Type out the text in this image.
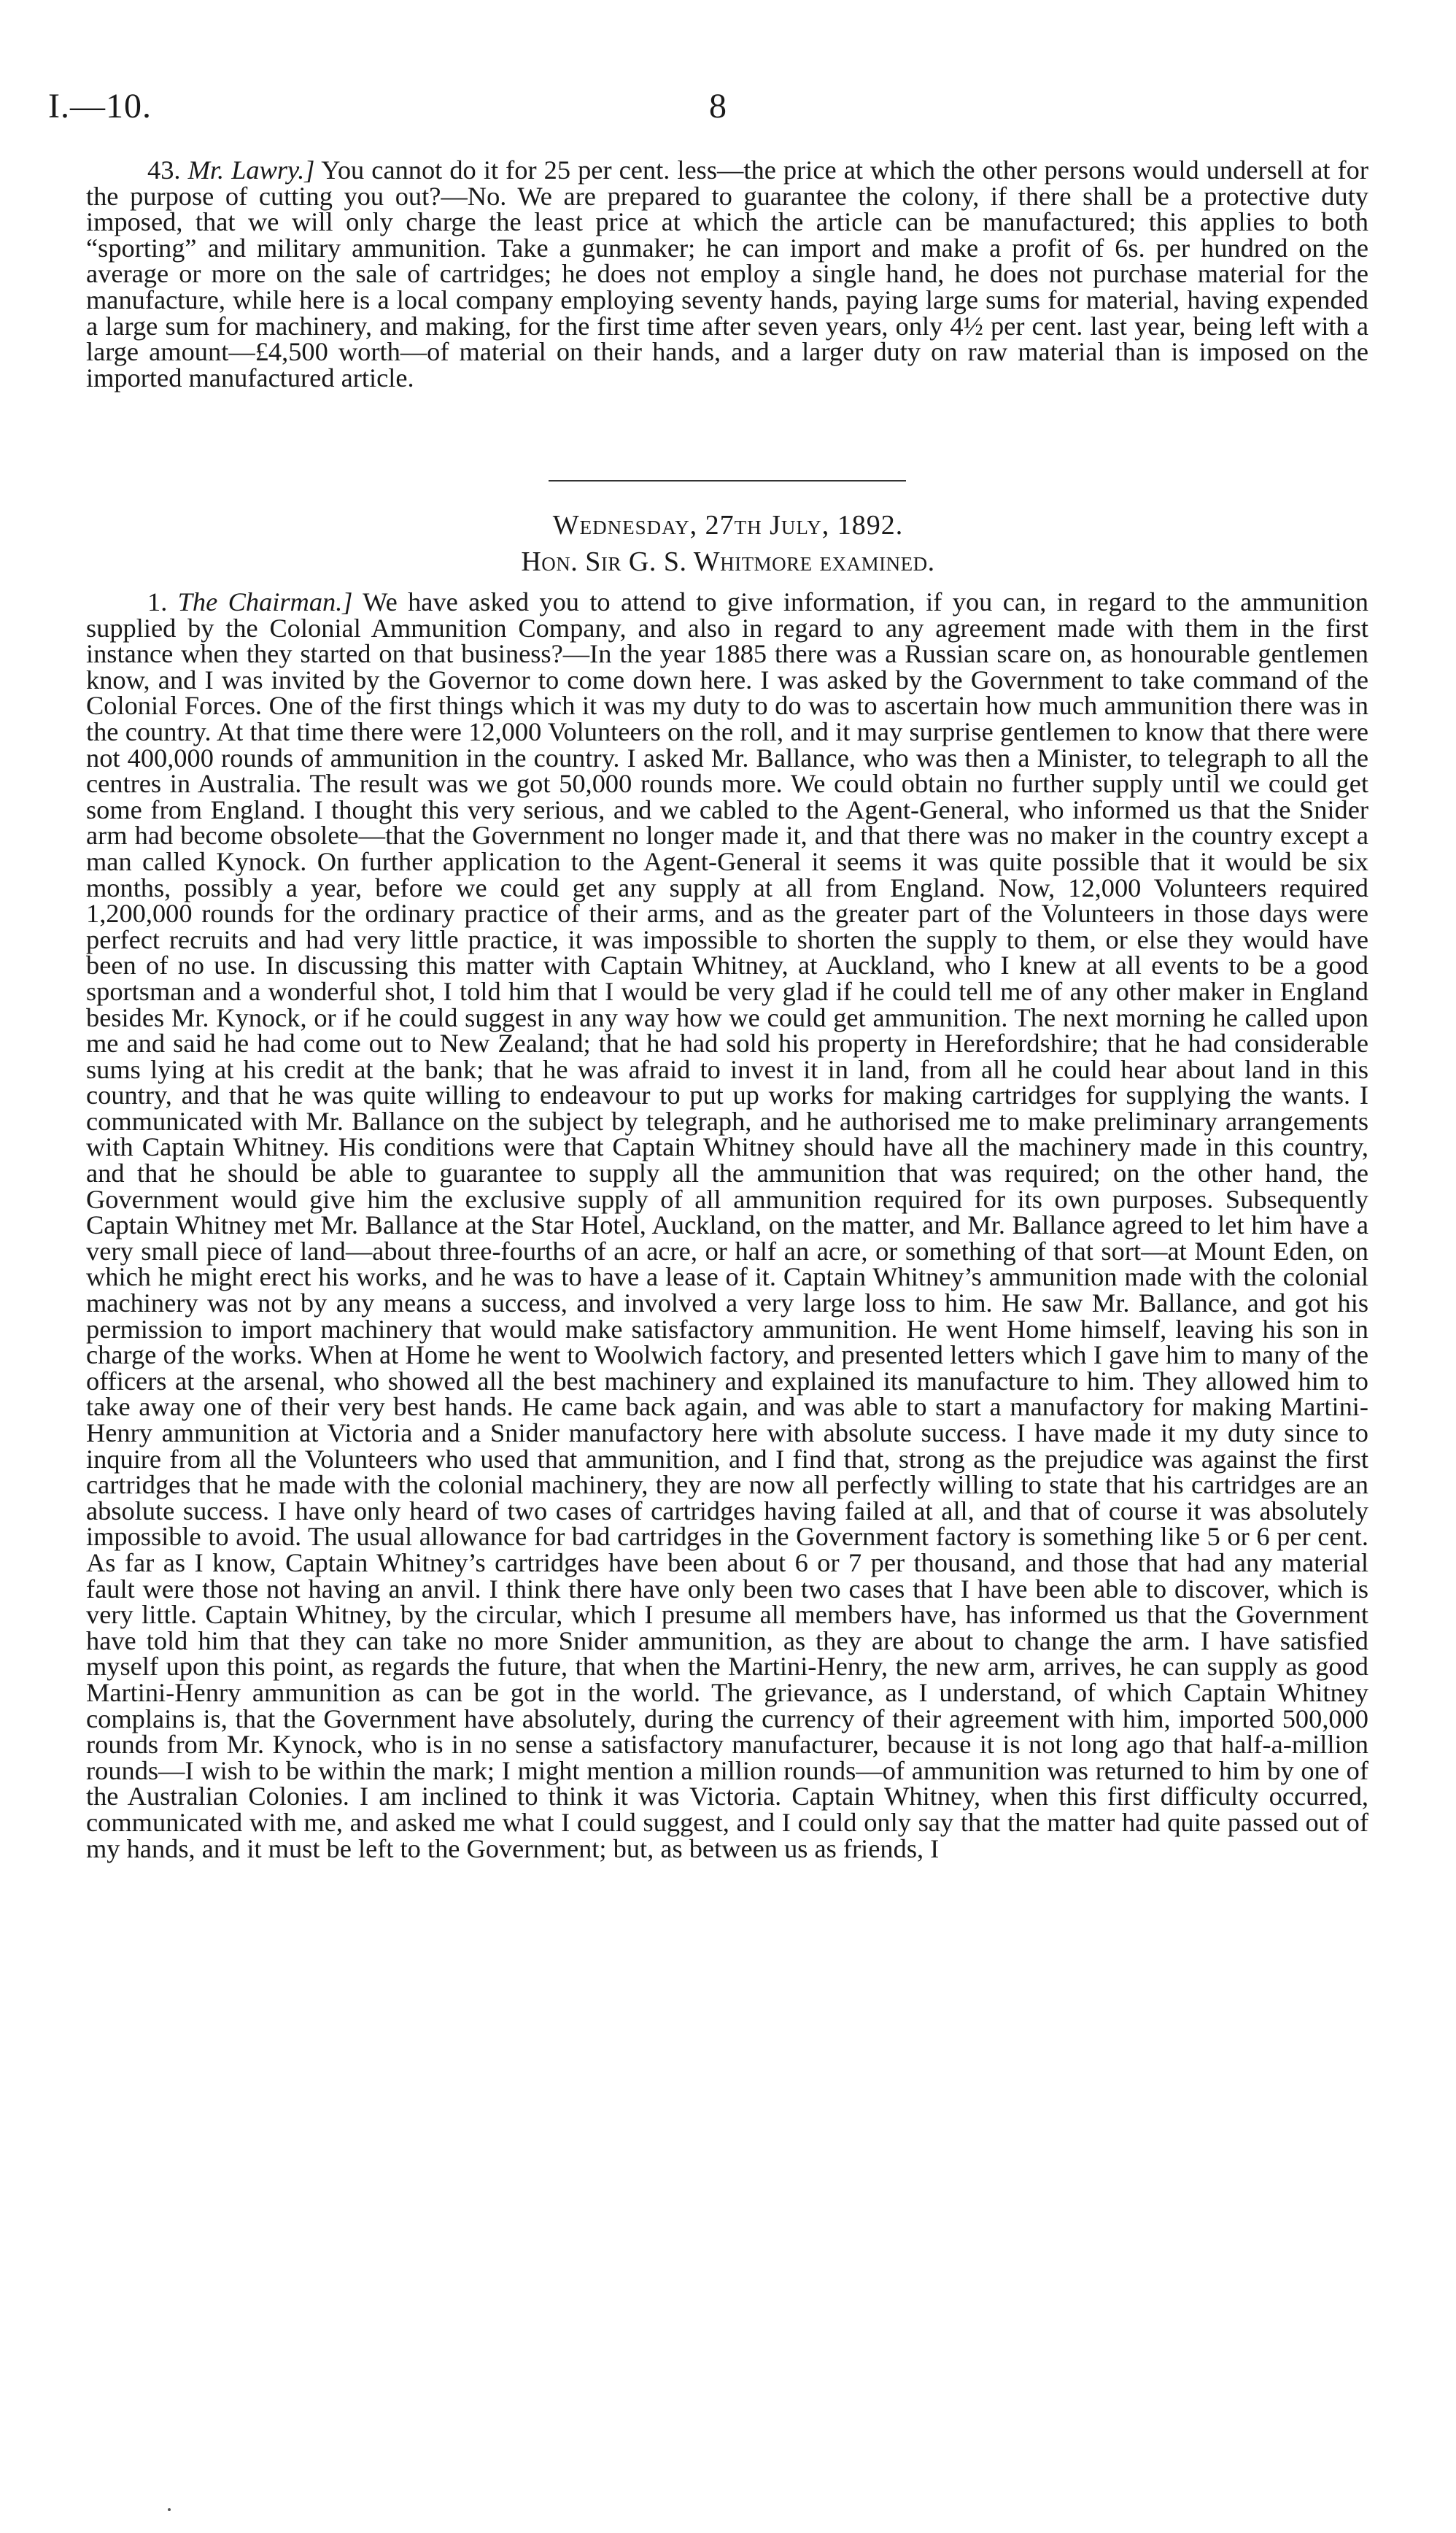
I.—10.	8

43. Mr. Lawry.] You cannot do it for 25 per cent. less—the price at which the other persons would undersell at for the purpose of cutting you out?—No. We are prepared to guarantee the colony, if there shall be a protective duty imposed, that we will only charge the least price at which the article can be manufactured; this applies to both “sporting” and military ammunition. Take a gunmaker; he can import and make a profit of 6s. per hundred on the average or more on the sale of cartridges; he does not employ a single hand, he does not purchase material for the manufacture, while here is a local company employing seventy hands, paying large sums for material, having expended a large sum for machinery, and making, for the first time after seven years, only 4½ per cent. last year, being left with a large amount—£4,500 worth—of material on their hands, and a larger duty on raw material than is imposed on the imported manufactured article.

Wednesday, 27th July, 1892.
Hon. Sir G. S. Whitmore examined.

1. The Chairman.] We have asked you to attend to give information, if you can, in regard to the ammunition supplied by the Colonial Ammunition Company, and also in regard to any agreement made with them in the first instance when they started on that business?—In the year 1885 there was a Russian scare on, as honourable gentlemen know, and I was invited by the Governor to come down here. I was asked by the Government to take command of the Colonial Forces. One of the first things which it was my duty to do was to ascertain how much ammunition there was in the country. At that time there were 12,000 Volunteers on the roll, and it may surprise gentlemen to know that there were not 400,000 rounds of ammunition in the country. I asked Mr. Ballance, who was then a Minister, to telegraph to all the centres in Australia. The result was we got 50,000 rounds more. We could obtain no further supply until we could get some from England. I thought this very serious, and we cabled to the Agent-General, who informed us that the Snider arm had become obsolete—that the Government no longer made it, and that there was no maker in the country except a man called Kynock. On further application to the Agent-General it seems it was quite possible that it would be six months, possibly a year, before we could get any supply at all from England. Now, 12,000 Volunteers required 1,200,000 rounds for the ordinary practice of their arms, and as the greater part of the Volunteers in those days were perfect recruits and had very little practice, it was impossible to shorten the supply to them, or else they would have been of no use. In discussing this matter with Captain Whitney, at Auckland, who I knew at all events to be a good sportsman and a wonderful shot, I told him that I would be very glad if he could tell me of any other maker in England besides Mr. Kynock, or if he could suggest in any way how we could get ammunition. The next morning he called upon me and said he had come out to New Zealand; that he had sold his property in Herefordshire; that he had considerable sums lying at his credit at the bank; that he was afraid to invest it in land, from all he could hear about land in this country, and that he was quite willing to endeavour to put up works for making cartridges for supplying the wants. I communicated with Mr. Ballance on the subject by telegraph, and he authorised me to make preliminary arrangements with Captain Whitney. His conditions were that Captain Whitney should have all the machinery made in this country, and that he should be able to guarantee to supply all the ammunition that was required; on the other hand, the Government would give him the exclusive supply of all ammunition required for its own purposes. Subsequently Captain Whitney met Mr. Ballance at the Star Hotel, Auckland, on the matter, and Mr. Ballance agreed to let him have a very small piece of land—about three-fourths of an acre, or half an acre, or something of that sort—at Mount Eden, on which he might erect his works, and he was to have a lease of it. Captain Whitney’s ammunition made with the colonial machinery was not by any means a success, and involved a very large loss to him. He saw Mr. Ballance, and got his permission to import machinery that would make satisfactory ammunition. He went Home himself, leaving his son in charge of the works. When at Home he went to Woolwich factory, and presented letters which I gave him to many of the officers at the arsenal, who showed all the best machinery and explained its manufacture to him. They allowed him to take away one of their very best hands. He came back again, and was able to start a manufactory for making Martini-Henry ammunition at Victoria and a Snider manufactory here with absolute success. I have made it my duty since to inquire from all the Volunteers who used that ammunition, and I find that, strong as the prejudice was against the first cartridges that he made with the colonial machinery, they are now all perfectly willing to state that his cartridges are an absolute success. I have only heard of two cases of cartridges having failed at all, and that of course it was absolutely impossible to avoid. The usual allowance for bad cartridges in the Government factory is something like 5 or 6 per cent. As far as I know, Captain Whitney’s cartridges have been about 6 or 7 per thousand, and those that had any material fault were those not having an anvil. I think there have only been two cases that I have been able to discover, which is very little. Captain Whitney, by the circular, which I presume all members have, has informed us that the Government have told him that they can take no more Snider ammunition, as they are about to change the arm. I have satisfied myself upon this point, as regards the future, that when the Martini-Henry, the new arm, arrives, he can supply as good Martini-Henry ammunition as can be got in the world. The grievance, as I understand, of which Captain Whitney complains is, that the Government have absolutely, during the currency of their agreement with him, imported 500,000 rounds from Mr. Kynock, who is in no sense a satisfactory manufacturer, because it is not long ago that half-a-million rounds—I wish to be within the mark; I might mention a million rounds—of ammunition was returned to him by one of the Australian Colonies. I am inclined to think it was Victoria. Captain Whitney, when this first difficulty occurred, communicated with me, and asked me what I could suggest, and I could only say that the matter had quite passed out of my hands, and it must be left to the Government; but, as between us as friends, I
